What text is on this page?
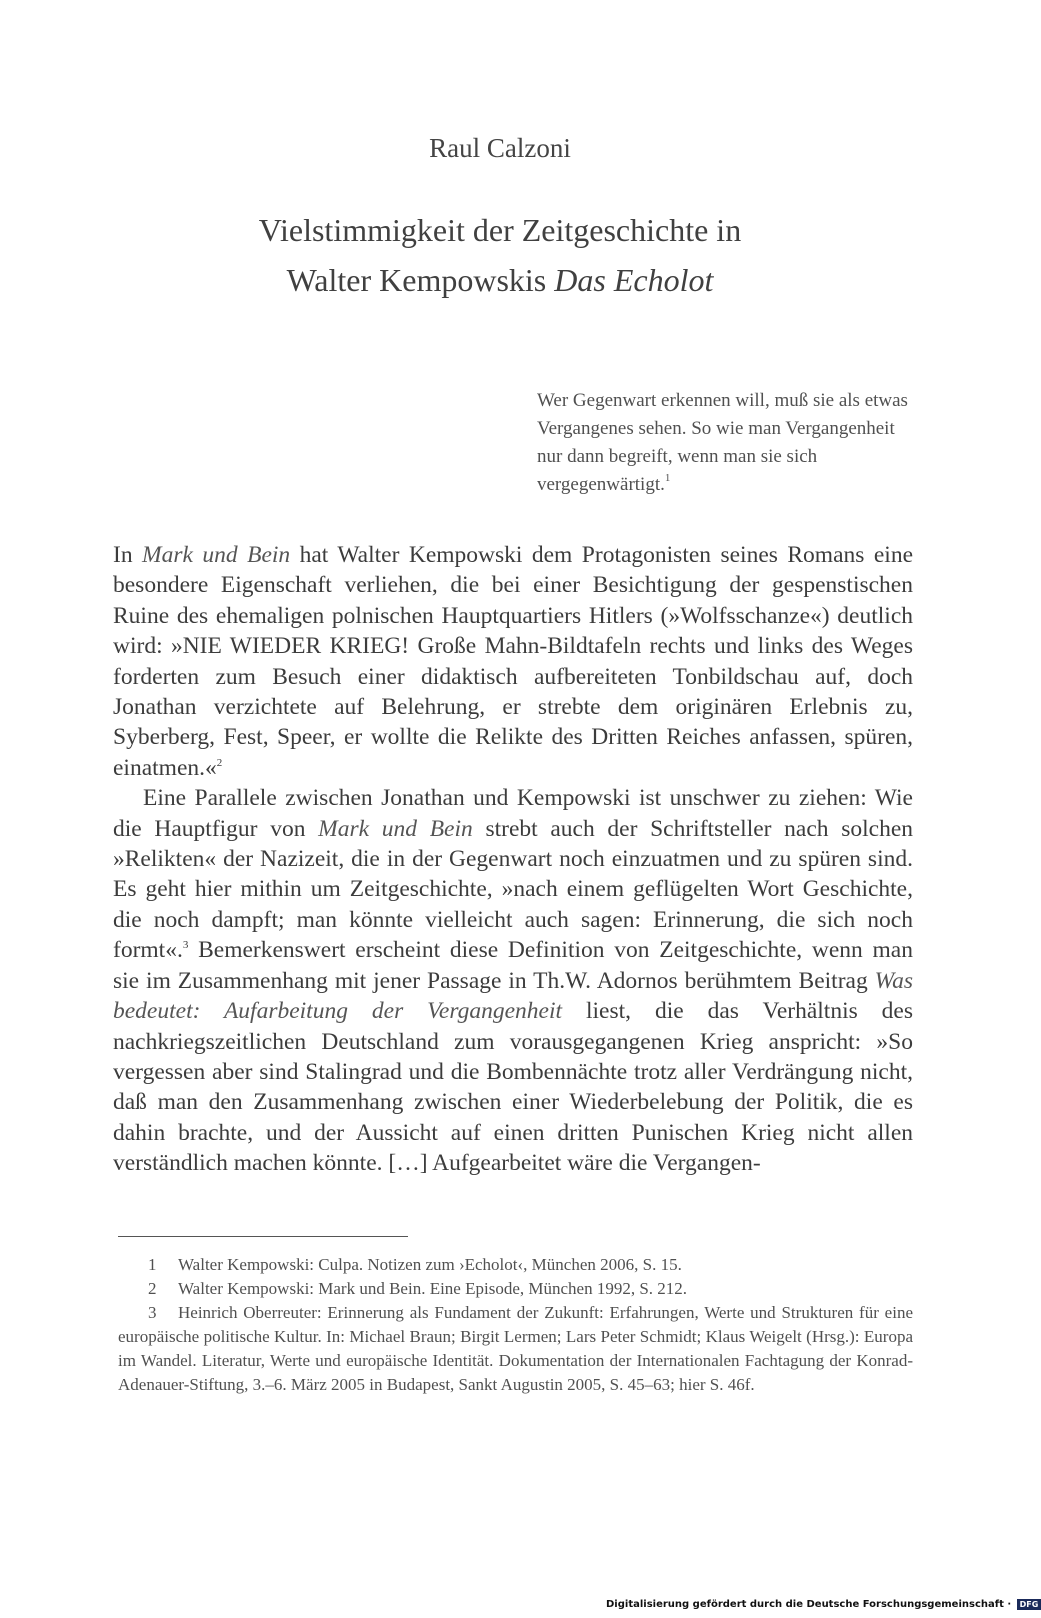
Raul Calzoni
Vielstimmigkeit der Zeitgeschichte in
Walter Kempowskis Das Echolot
Wer Gegenwart erkennen will, muß sie als etwas Vergangenes sehen. So wie man Vergangenheit nur dann begreift, wenn man sie sich vergegenwärtigt.$^1$

In Mark und Bein hat Walter Kempowski dem Protagonisten seines Romans eine besondere Eigenschaft verliehen, die bei einer Besichtigung der gespenstischen Ruine des ehemaligen polnischen Hauptquartiers Hitlers (»Wolfsschanze«) deutlich wird: »NIE WIEDER KRIEG! Große Mahn-Bildtafeln rechts und links des Weges forderten zum Besuch einer didaktisch aufbereiteten Tonbildschau auf, doch Jonathan verzichtete auf Belehrung, er strebte dem originären Erlebnis zu, Syberberg, Fest, Speer, er wollte die Relikte des Dritten Reiches anfassen, spüren, einatmen.«$^2$

Eine Parallele zwischen Jonathan und Kempowski ist unschwer zu ziehen: Wie die Hauptfigur von Mark und Bein strebt auch der Schriftsteller nach solchen »Relikten« der Nazizeit, die in der Gegenwart noch einzuatmen und zu spüren sind. Es geht hier mithin um Zeitgeschichte, »nach einem geflügelten Wort Geschichte, die noch dampft; man könnte vielleicht auch sagen: Erinnerung, die sich noch formt«.$^3$ Bemerkenswert erscheint diese Definition von Zeitgeschichte, wenn man sie im Zusammenhang mit jener Passage in Th.W. Adornos berühmtem Beitrag Was bedeutet: Aufarbeitung der Vergangenheit liest, die das Verhältnis des nachkriegszeitlichen Deutschland zum vorausgegangenen Krieg anspricht: »So vergessen aber sind Stalingrad und die Bombennächte trotz aller Verdrängung nicht, daß man den Zusammenhang zwischen einer Wiederbelebung der Politik, die es dahin brachte, und der Aussicht auf einen dritten Punischen Krieg nicht allen verständlich machen könnte. […] Aufgearbeitet wäre die Vergangen-

1 Walter Kempowski: Culpa. Notizen zum ›Echolot‹, München 2006, S. 15.

2 Walter Kempowski: Mark und Bein. Eine Episode, München 1992, S. 212.

3 Heinrich Oberreuter: Erinnerung als Fundament der Zukunft: Erfahrungen, Werte und Strukturen für eine europäische politische Kultur. In: Michael Braun; Birgit Lermen; Lars Peter Schmidt; Klaus Weigelt (Hrsg.): Europa im Wandel. Literatur, Werte und europäische Identität. Dokumentation der Internationalen Fachtagung der Konrad-Adenauer-Stiftung, 3.–6. März 2005 in Budapest, Sankt Augustin 2005, S. 45–63; hier S. 46f.

Digitalisierung gefördert durch die Deutsche Forschungsgemeinschaft · DFG
